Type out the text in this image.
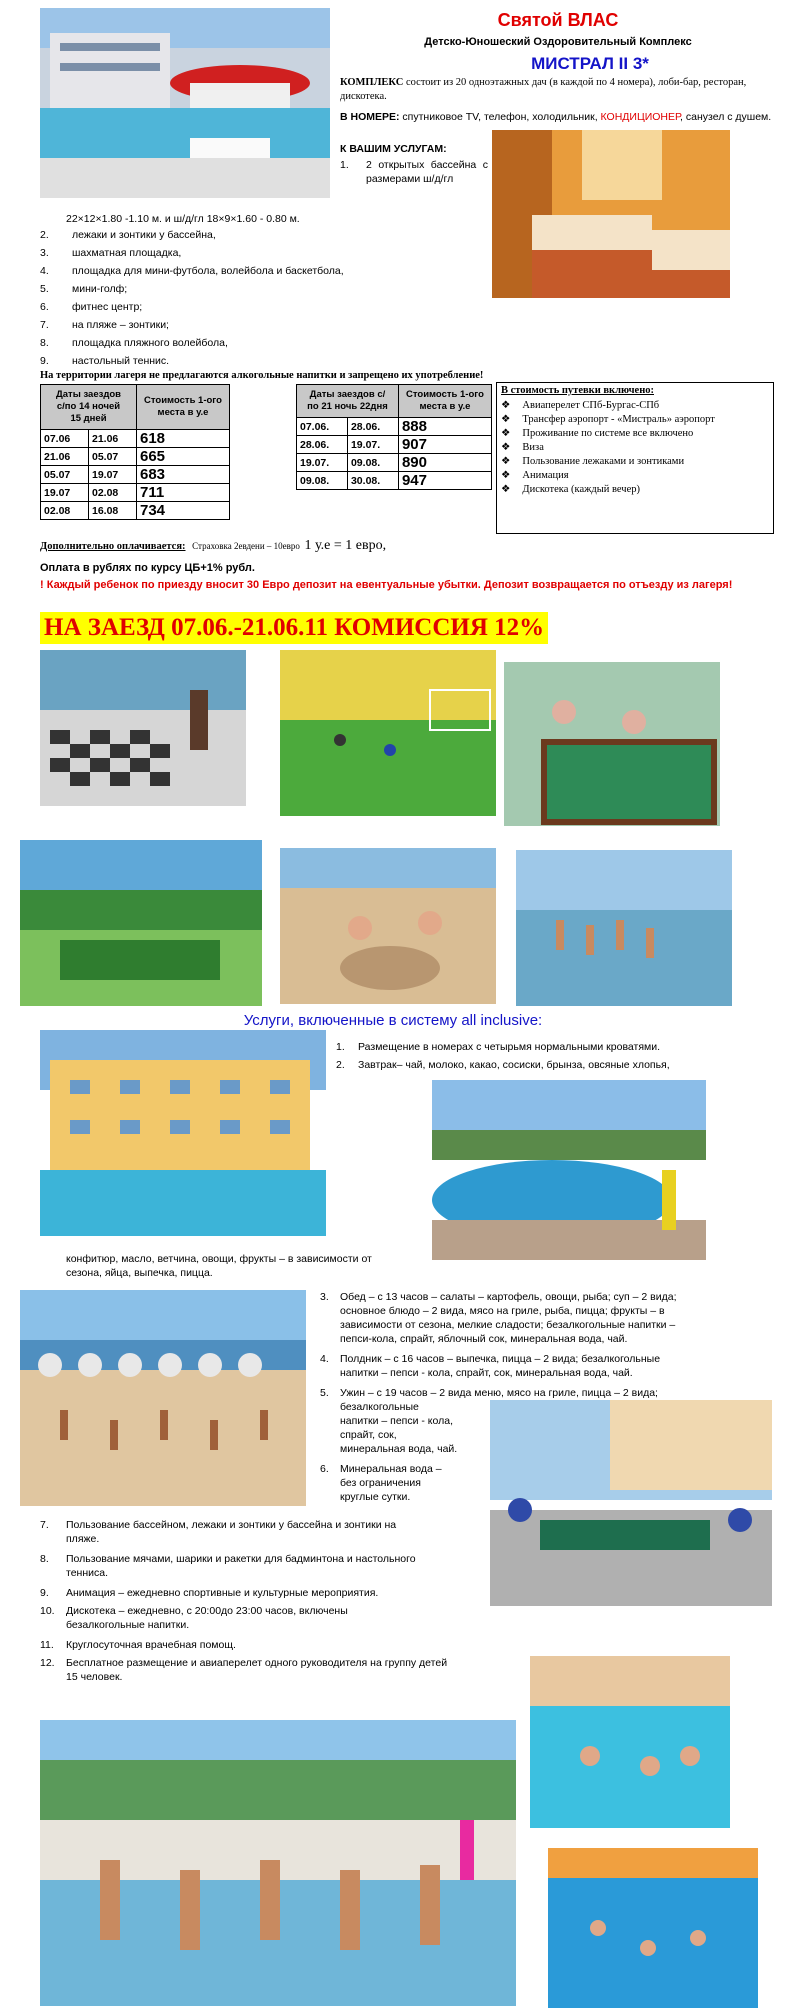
Святой ВЛАС
Детско-Юношеский Оздоровительный Комплекс
МИСТРАЛ II 3*
КОМПЛЕКС состоит из 20 одноэтажных дач (в каждой по 4 номера), лоби-бар, ресторан, дискотека.
В НОМЕРЕ: спутниковое TV, телефон, холодильник, КОНДИЦИОНЕР, санузел с душем.
К ВАШИМ УСЛУГАМ:
1. 2 открытых бассейна с размерами ш/д/гл
22×12×1.80 -1.10 м. и ш/д/гл 18×9×1.60 - 0.80 м.
2. лежаки и зонтики у бассейна,
3. шахматная площадка,
4. площадка для мини-футбола, волейбола и баскетбола,
5. мини-голф;
6. фитнес центр;
7. на пляже – зонтики;
8. площадка пляжного волейбола,
9. настольный теннис.
На территории лагеря не предлагаются алкогольные напитки и запрещено их употребление!
Даты заездов с/по 14 ночей 15 дней		Стоимость 1-ого места в у.е
07.06	21.06	618
21.06	05.07	665
05.07	19.07	683
19.07	02.08	711
02.08	16.08	734
Даты заездов с/по 21 ночь 22дня		Стоимость 1-ого места в у.е
07.06.	28.06.	888
28.06.	19.07.	907
19.07.	09.08.	890
09.08.	30.08.	947
В стоимость путевки включено:
❖ Авиаперелет СПб-Бургас-СПб
❖ Трансфер аэропорт - «Мистраль» аэропорт
❖ Проживание по системе все включено
❖ Виза
❖ Пользование лежаками и зонтиками
❖ Анимация
❖ Дискотека (каждый вечер)
Дополнительно оплачивается: Страховка 2евдени – 10евро 1 у.е = 1 евро,
Оплата в рублях по курсу ЦБ+1% рубл.
! Каждый ребенок по приезду вносит 30 Евро депозит на евентуальные убытки. Депозит возвращается по отъезду из лагеря!
НА ЗАЕЗД 07.06.-21.06.11 КОМИССИЯ 12%
Услуги, включенные в систему all inclusive:
1. Размещение в номерах с четырьмя нормальными кроватями.
2. Завтрак– чай, молоко, какао, сосиски, брынза, овсяные хлопья,
конфитюр, масло, ветчина, овощи, фрукты – в зависимости от
сезона, яйца, выпечка, пицца.
3.	Обед – с 13 часов – салаты – картофель, овощи, рыба; суп – 2 вида;
основное блюдо – 2 вида, мясо на гриле, рыба, пицца; фрукты – в
зависимости от сезона, мелкие сладости; безалкогольные напитки –
пепси-кола, спрайт, яблочный сок, минеральная вода, чай.
4.	Полдник – с 16 часов – выпечка, пицца – 2 вида; безалкогольные
напитки – пепси - кола, спрайт, сок, минеральная вода, чай.
5.	Ужин – с 19 часов – 2 вида меню, мясо на гриле, пицца – 2 вида;
безалкогольные
напитки – пепси - кола,
спрайт, сок,
минеральная вода, чай.
6.	Минеральная вода –
без ограничения
круглые сутки.
7.	Пользование бассейном, лежаки и зонтики у бассейна и зонтики на
пляже.
8.	Пользование мячами, шарики и ракетки для бадминтона и настольного
тенниса.
9.	Анимация – ежедневно спортивные и культурные мероприятия.
10.	Дискотека – ежедневно, с 20:00до 23:00 часов, включены
безалкогольные напитки.
11.	Круглосуточная врачебная помощ.
12.	Бесплатное размещение и авиаперелет одного руководителя на группу детей
15 человек.
